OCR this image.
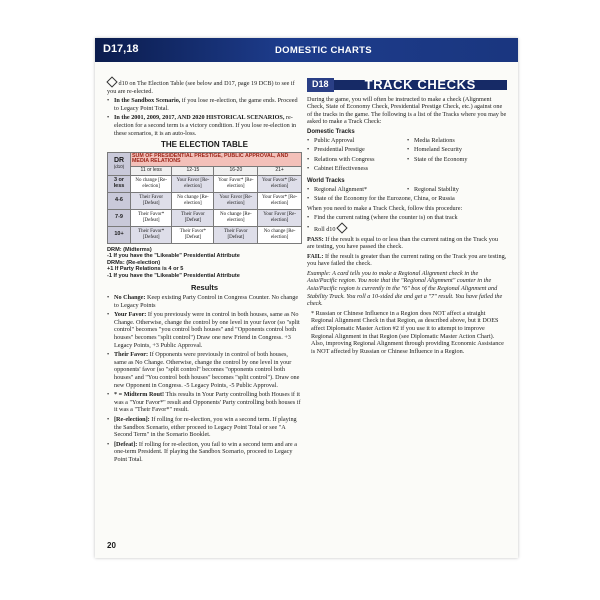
D17,18	DOMESTIC CHARTS

d10 on The Election Table (see below and D17, page 19 DCB) to see if you are re-elected.

• In the Sandbox Scenario, if you lose re-election, the game ends. Proceed to Legacy Point Total.
• In the 2001, 2009, 2017, AND 2020 HISTORICAL SCENARIOS, re-election for a second term is a victory condition. If you lose re-election in these scenarios, it is an auto-loss.
THE ELECTION TABLE
DR
(d10)	SUM OF PRESIDENTIAL PRESTIGE, PUBLIC APPROVAL, AND MEDIA RELATIONS			
	11 or less	12-15	16-20	21+
3 or less	No change [Re-election]	Your Favor [Re-election]	Your Favor* [Re-election]	Your Favor* [Re-election]
4-6	Their Favor [Defeat]	No change [Re-election]	Your Favor [Re-election]	Your Favor* [Re-election]
7-9	Their Favor* [Defeat]	Their Favor [Defeat]	No change [Re-election]	Your Favor [Re-election]
10+	Their Favor* [Defeat]	Their Favor* [Defeat]	Their Favor [Defeat]	No change [Re-election]
DRM: (Midterms)
-1 If you have the "Likeable" Presidential Attribute
DRMs: (Re-election)
+1 If Party Relations is 4 or 5
-1 If you have the "Likeable" Presidential Attribute
Results
• No Change: Keep existing Party Control in Congress Counter. No change to Legacy Points
• Your Favor: If you previously were in control in both houses, same as No Change. Otherwise, change the control by one level in your favor (so "split control" becomes "you control both houses" and "Opponents control both houses" becomes "split control") Draw one new Friend in Congress. +3 Legacy Points, +3 Public Approval.
• Their Favor: If Opponents were previously in control of both houses, same as No Change. Otherwise, change the control by one level in your opponents' favor (so "split control" becomes "opponents control both houses" and "You control both houses" becomes "split control"). Draw one new Opponent in Congress. -5 Legacy Points, -5 Public Approval.
• * = Midterm Rout! This results in Your Party controlling both Houses if it was a "Your Favor*" result and Opponents' Party controlling both houses if it was a "Their Favor*" result.
• [Re-election]: If rolling for re-election, you win a second term. If playing the Sandbox Scenario, either proceed to Legacy Point Total or see "A Second Term" in the Scenario Booklet.
• [Defeat]: If rolling for re-election, you fail to win a second term and are a one-term President. If playing the Sandbox Scenario, proceed to Legacy Point Total.
D18	TRACK CHECKS

During the game, you will often be instructed to make a check (Alignment Check, State of Economy Check, Presidential Prestige Check, etc.) against one of the tracks in the game. The following is a list of the Tracks where you may be asked to make a Track Check:

Domestic Tracks
• Public Approval
• Presidential Prestige
• Relations with Congress
• Cabinet Effectiveness
• Media Relations
• Homeland Security
• State of the Economy
World Tracks
• Regional Alignment*	• Regional Stability
• State of the Economy for the Eurozone, China, or Russia

When you need to make a Track Check, follow this procedure:

• Find the current rating (where the counter is) on that track
• Roll d10

PASS: If the result is equal to or less than the current rating on the Track you are testing, you have passed the check.

FAIL: If the result is greater than the current rating on the Track you are testing, you have failed the check.

Example: A card tells you to make a Regional Alignment check in the Asia/Pacific region. You note that the "Regional Alignment" counter in the Asia/Pacific region is currently in the "6" box of the Regional Alignment and Stability Track. You roll a 10-sided die and get a "7" result. You have failed the check.

* Russian or Chinese Influence in a Region does NOT affect a straight Regional Alignment Check in that Region, as described above, but it DOES affect Diplomatic Master Action #2 if you use it to attempt to improve Regional Alignment in that Region (see Diplomatic Master Action Chart). Also, improving Regional Alignment through providing Economic Assistance is NOT affected by Russian or Chinese Influence in a Region.

20
